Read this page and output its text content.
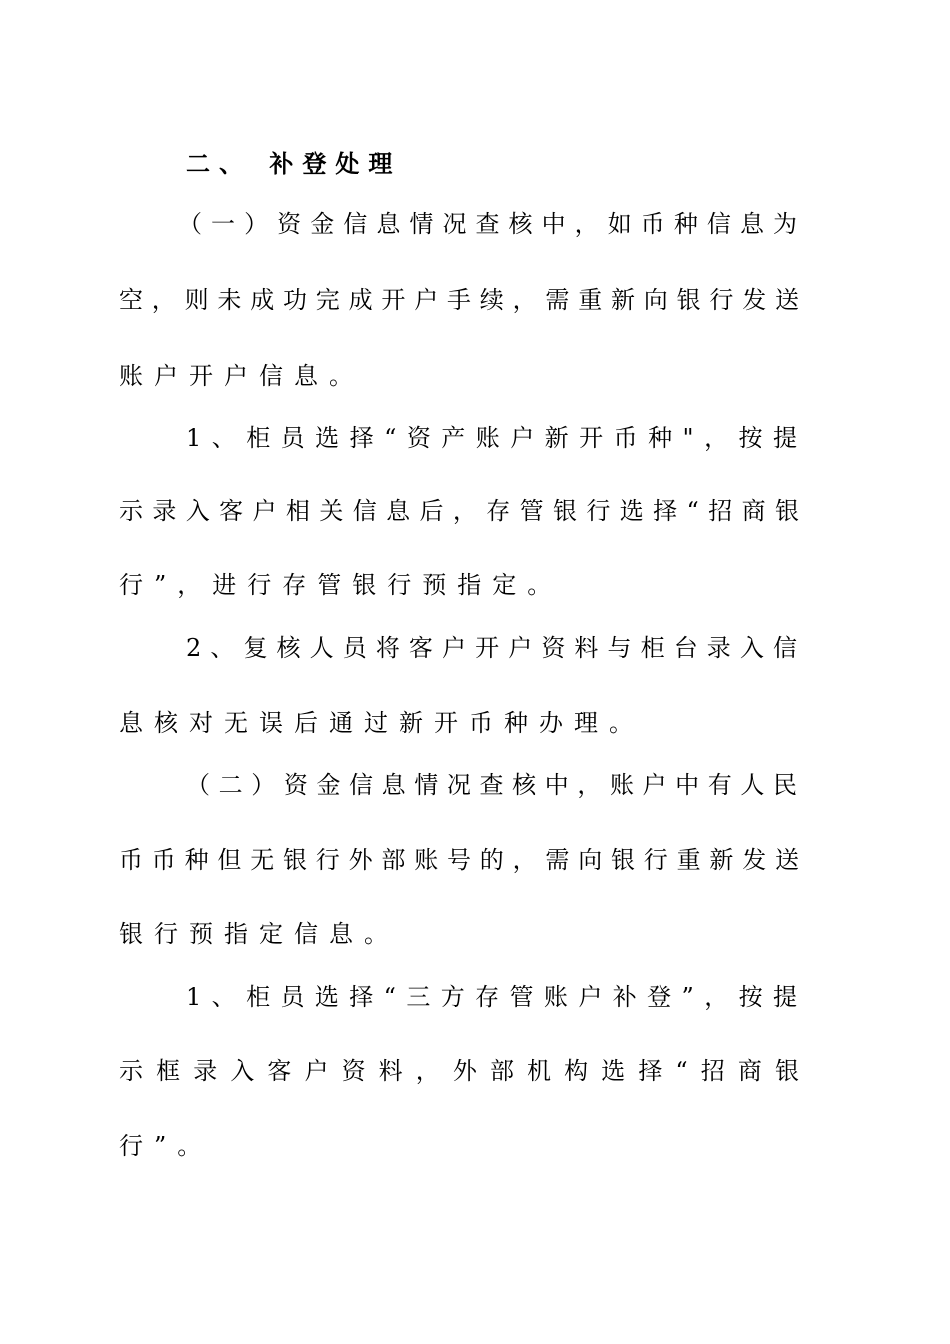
二、 补登处理
（一）资金信息情况查核中，如币种信息为
空，则未成功完成开户手续，需重新向银行发送
账户开户信息。
1、柜员选择“资产账户新开币种"，按提
示录入客户相关信息后，存管银行选择“招商银
行”，进行存管银行预指定。
2、复核人员将客户开户资料与柜台录入信
息核对无误后通过新开币种办理。
（二）资金信息情况查核中，账户中有人民
币币种但无银行外部账号的，需向银行重新发送
银行预指定信息。
1、柜员选择“三方存管账户补登”，按提
示框录入客户资料，外部机构选择“招商银
行”。
